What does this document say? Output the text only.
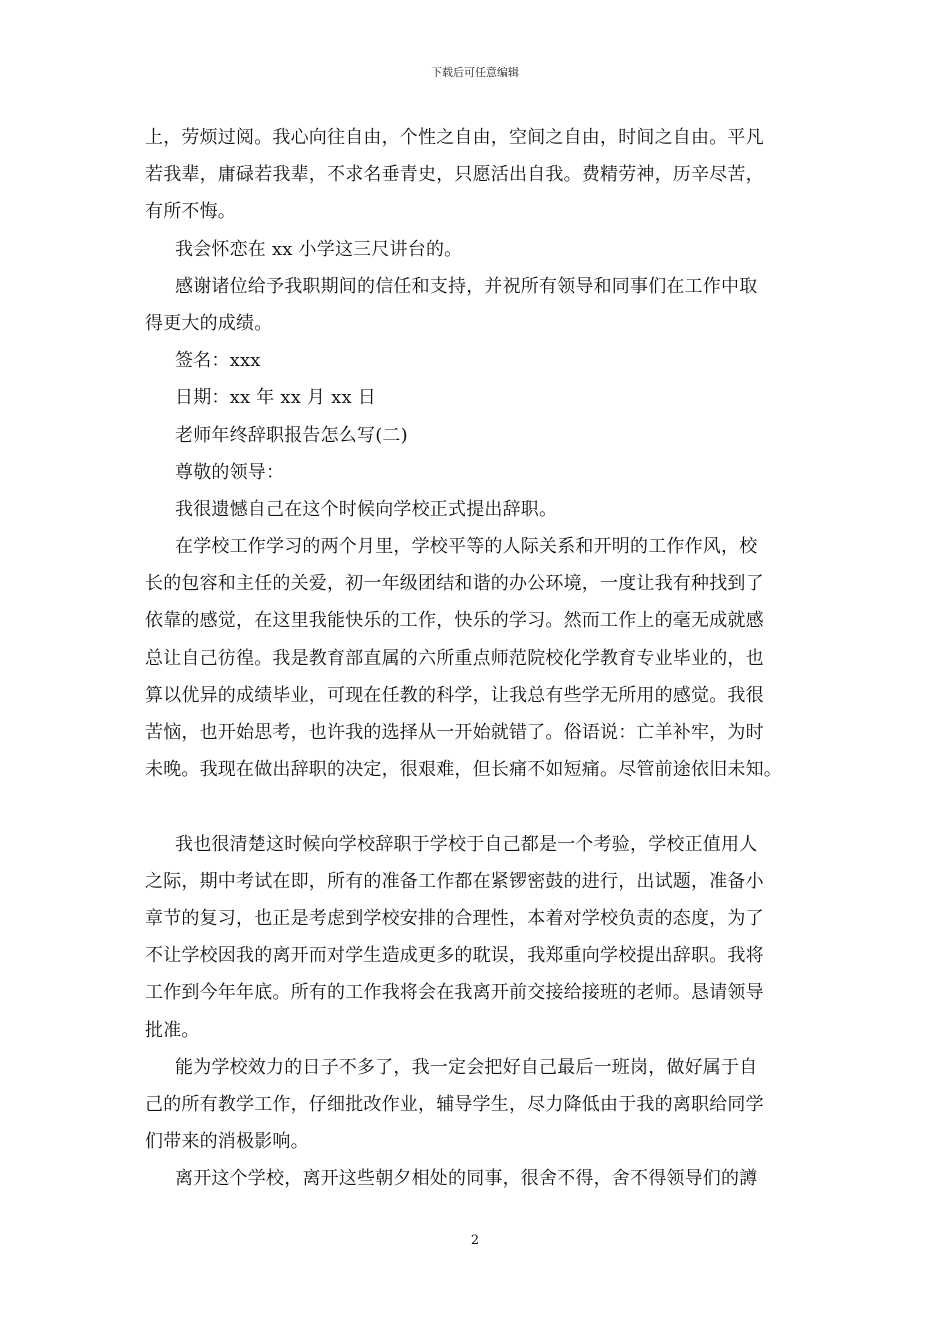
下载后可任意编辑
上，劳烦过阅。我心向往自由，个性之自由，空间之自由，时间之自由。平凡
若我辈，庸碌若我辈，不求名垂青史，只愿活出自我。费精劳神，历辛尽苦，
有所不悔。
我会怀恋在 xx 小学这三尺讲台的。
感谢诸位给予我职期间的信任和支持，并祝所有领导和同事们在工作中取
得更大的成绩。
签名：xxx
日期：xx 年 xx 月 xx 日
老师年终辞职报告怎么写(二)
尊敬的领导：
我很遗憾自己在这个时候向学校正式提出辞职。
在学校工作学习的两个月里，学校平等的人际关系和开明的工作作风，校
长的包容和主任的关爱，初一年级团结和谐的办公环境，一度让我有种找到了
依靠的感觉，在这里我能快乐的工作，快乐的学习。然而工作上的毫无成就感
总让自己彷徨。我是教育部直属的六所重点师范院校化学教育专业毕业的，也
算以优异的成绩毕业，可现在任教的科学，让我总有些学无所用的感觉。我很
苦恼，也开始思考，也许我的选择从一开始就错了。俗语说：亡羊补牢，为时
未晚。我现在做出辞职的决定，很艰难，但长痛不如短痛。尽管前途依旧未知。
我也很清楚这时候向学校辞职于学校于自己都是一个考验，学校正值用人
之际，期中考试在即，所有的准备工作都在紧锣密鼓的进行，出试题，准备小
章节的复习，也正是考虑到学校安排的合理性，本着对学校负责的态度，为了
不让学校因我的离开而对学生造成更多的耽误，我郑重向学校提出辞职。我将
工作到今年年底。所有的工作我将会在我离开前交接给接班的老师。恳请领导
批准。
能为学校效力的日子不多了，我一定会把好自己最后一班岗，做好属于自
己的所有教学工作，仔细批改作业，辅导学生，尽力降低由于我的离职给同学
们带来的消极影响。
离开这个学校，离开这些朝夕相处的同事，很舍不得，舍不得领导们的譐
2
